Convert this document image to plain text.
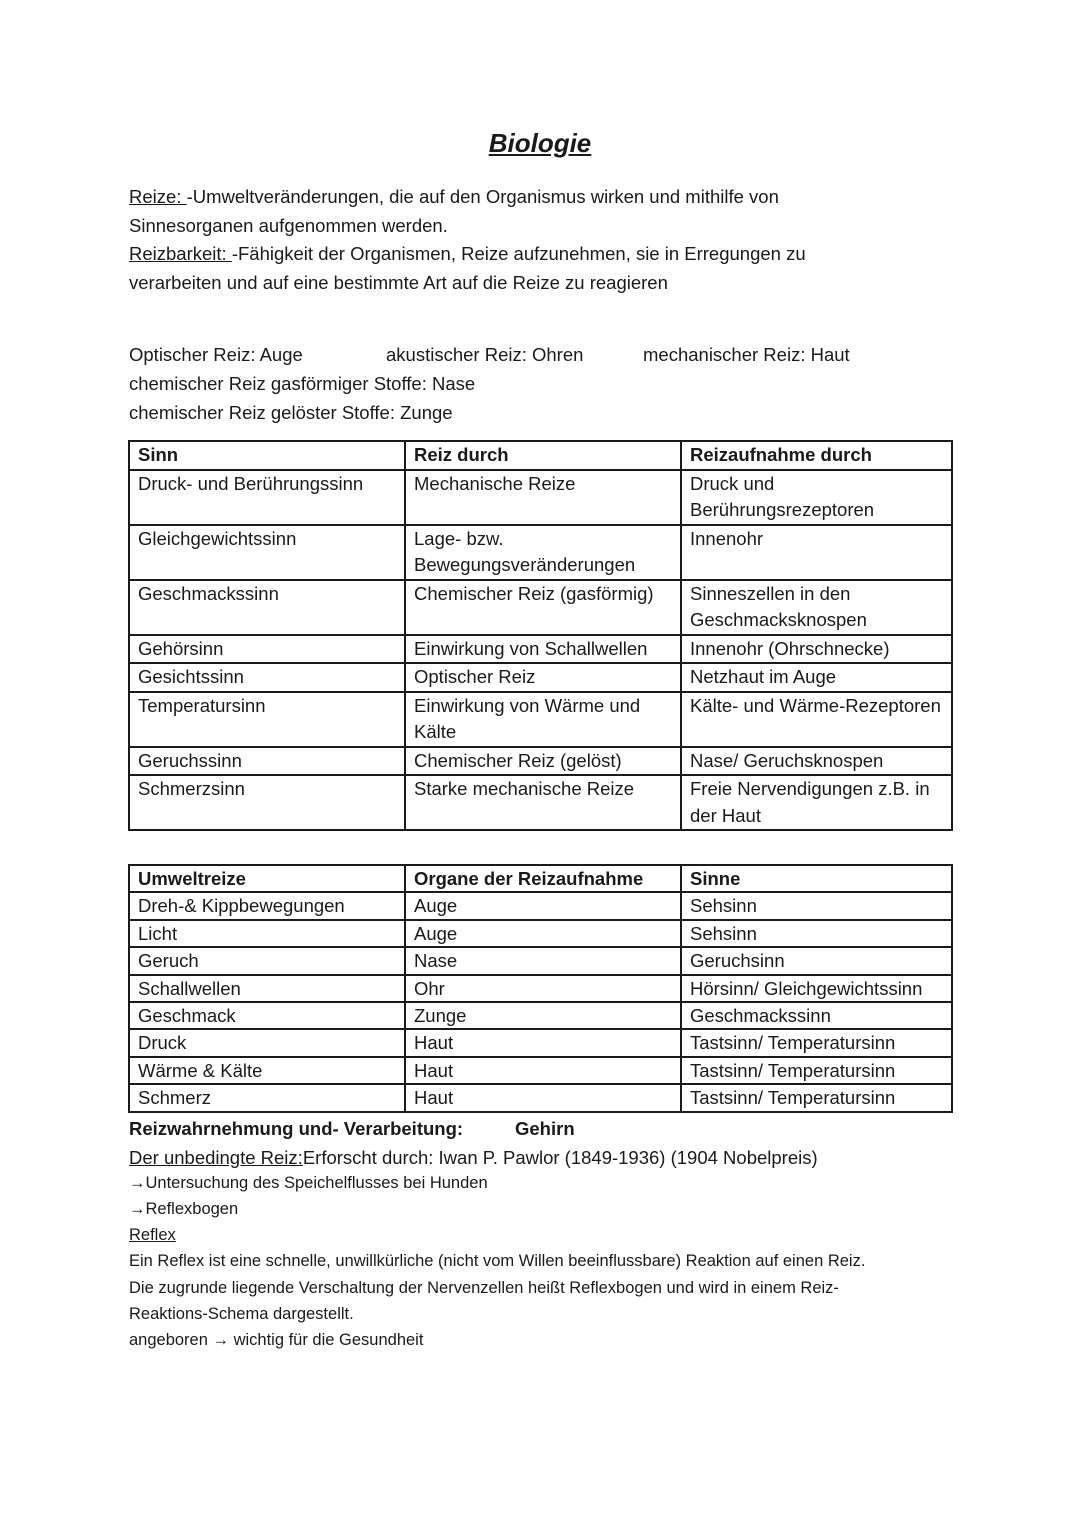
Biologie
Reize: -Umweltveränderungen, die auf den Organismus wirken und mithilfe von
Sinnesorganen aufgenommen werden.
Reizbarkeit: -Fähigkeit der Organismen, Reize aufzunehmen, sie in Erregungen zu
verarbeiten und auf eine bestimmte Art auf die Reize zu reagieren
Optischer Reiz: Auge	akustischer Reiz: Ohren	mechanischer Reiz: Haut
chemischer Reiz gasförmiger Stoffe: Nase
chemischer Reiz gelöster Stoffe: Zunge
Sinn	Reiz durch	Reizaufnahme durch
Druck- und Berührungssinn	Mechanische Reize	Druck und Berührungsrezeptoren
Gleichgewichtssinn	Lage- bzw. Bewegungsveränderungen	Innenohr
Geschmackssinn	Chemischer Reiz (gasförmig)	Sinneszellen in den Geschmacksknospen
Gehörsinn	Einwirkung von Schallwellen	Innenohr (Ohrschnecke)
Gesichtssinn	Optischer Reiz	Netzhaut im Auge
Temperatursinn	Einwirkung von Wärme und Kälte	Kälte- und Wärme-Rezeptoren
Geruchssinn	Chemischer Reiz (gelöst)	Nase/ Geruchsknospen
Schmerzsinn	Starke mechanische Reize	Freie Nervendigungen z.B. in der Haut
Umweltreize	Organe der Reizaufnahme	Sinne
Dreh-& Kippbewegungen	Auge	Sehsinn
Licht	Auge	Sehsinn
Geruch	Nase	Geruchsinn
Schallwellen	Ohr	Hörsinn/ Gleichgewichtssinn
Geschmack	Zunge	Geschmackssinn
Druck	Haut	Tastsinn/ Temperatursinn
Wärme & Kälte	Haut	Tastsinn/ Temperatursinn
Schmerz	Haut	Tastsinn/ Temperatursinn
Reizwahrnehmung und- Verarbeitung:	Gehirn
Der unbedingte Reiz:Erforscht durch: Iwan P. Pawlor (1849-1936) (1904 Nobelpreis)
→Untersuchung des Speichelflusses bei Hunden
→Reflexbogen
Reflex
Ein Reflex ist eine schnelle, unwillkürliche (nicht vom Willen beeinflussbare) Reaktion auf einen Reiz.
Die zugrunde liegende Verschaltung der Nervenzellen heißt Reflexbogen und wird in einem Reiz-
Reaktions-Schema dargestellt.
angeboren → wichtig für die Gesundheit
